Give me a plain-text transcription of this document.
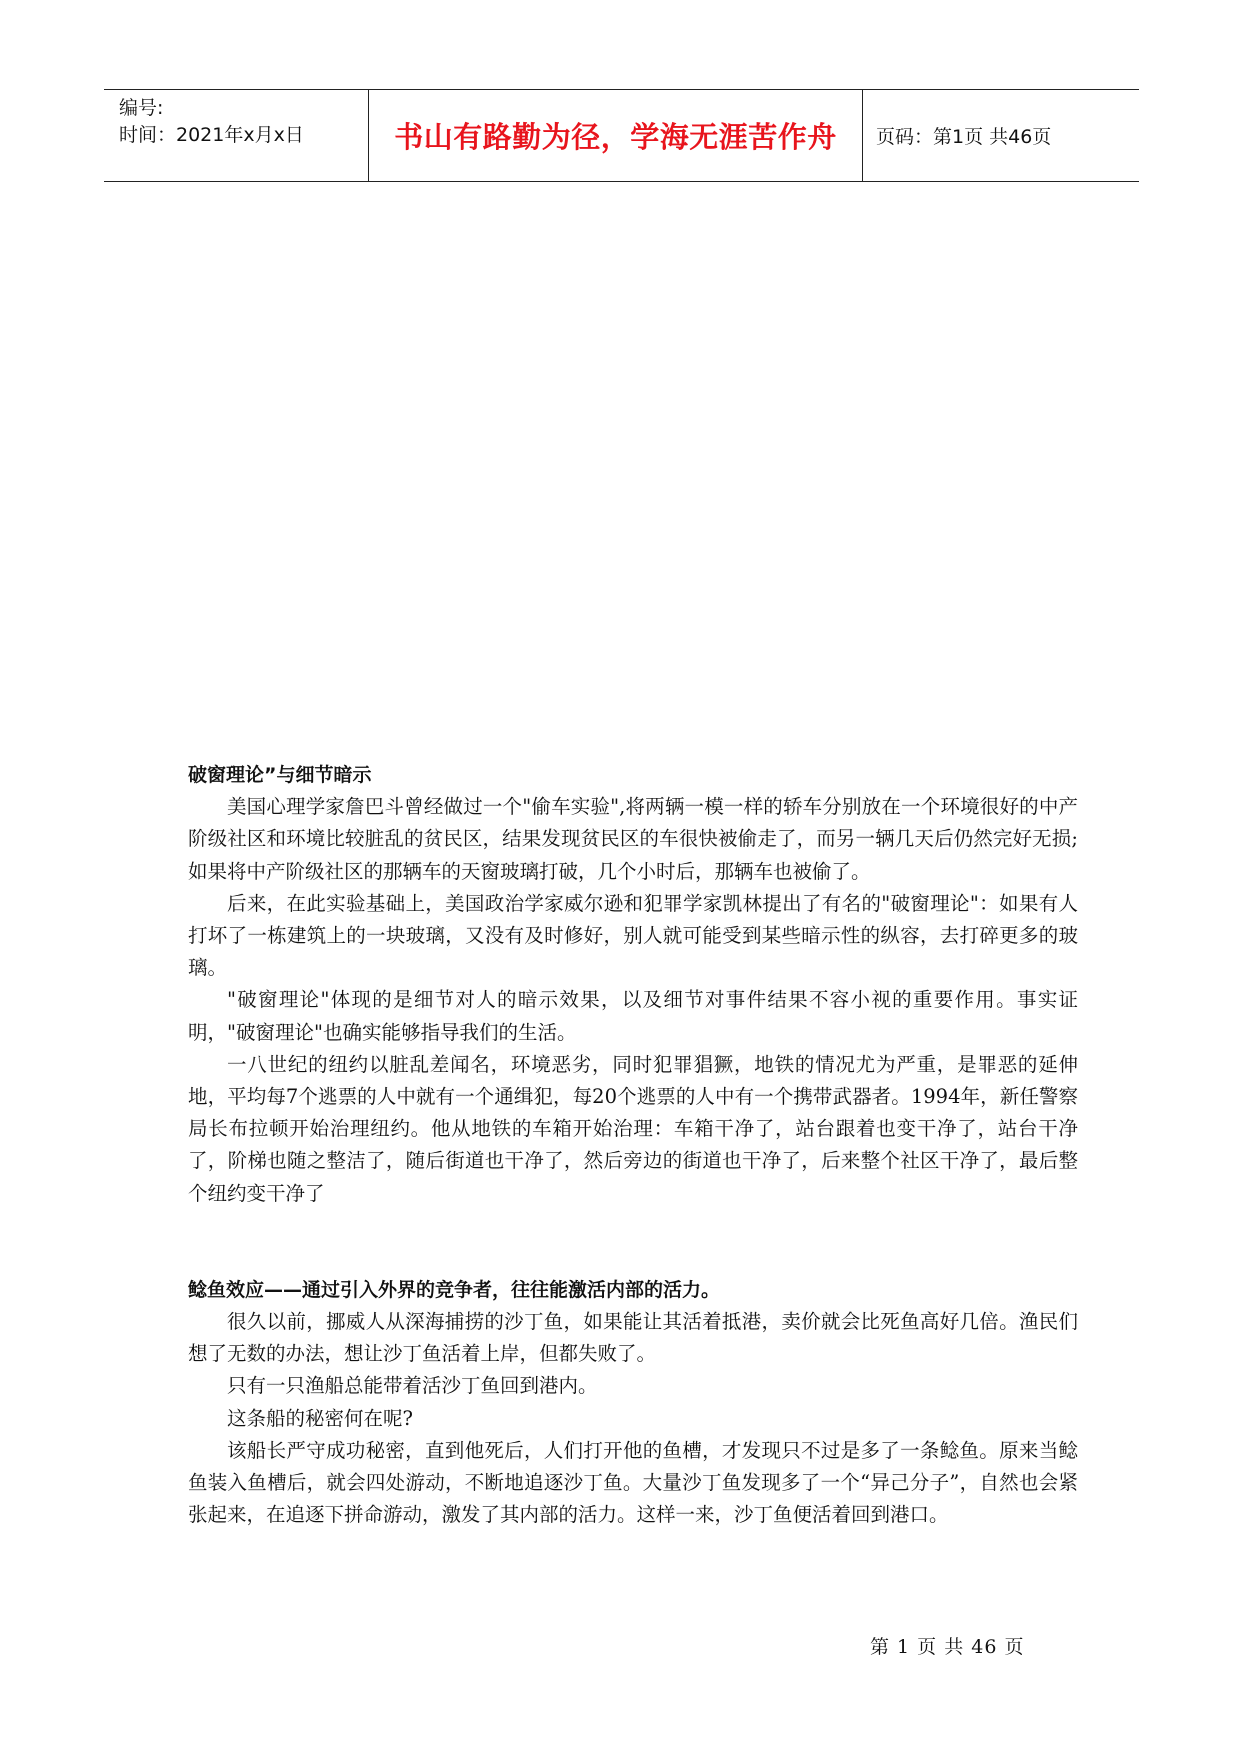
编号:
时间：2021年x月x日	书山有路勤为径，学海无涯苦作舟	页码：第1页 共46页

破窗理论”与细节暗示

美国心理学家詹巴斗曾经做过一个"偷车实验",将两辆一模一样的轿车分别放在一个环境很好的中产阶级社区和环境比较脏乱的贫民区，结果发现贫民区的车很快被偷走了，而另一辆几天后仍然完好无损;如果将中产阶级社区的那辆车的天窗玻璃打破，几个小时后，那辆车也被偷了。

后来，在此实验基础上，美国政治学家威尔逊和犯罪学家凯林提出了有名的"破窗理论"：如果有人打坏了一栋建筑上的一块玻璃，又没有及时修好，别人就可能受到某些暗示性的纵容，去打碎更多的玻璃。

"破窗理论"体现的是细节对人的暗示效果，以及细节对事件结果不容小视的重要作用。事实证明，"破窗理论"也确实能够指导我们的生活。

一八世纪的纽约以脏乱差闻名，环境恶劣，同时犯罪猖獗，地铁的情况尤为严重，是罪恶的延伸地，平均每7个逃票的人中就有一个通缉犯，每20个逃票的人中有一个携带武器者。1994年，新任警察局长布拉顿开始治理纽约。他从地铁的车箱开始治理：车箱干净了，站台跟着也变干净了，站台干净了，阶梯也随之整洁了，随后街道也干净了，然后旁边的街道也干净了，后来整个社区干净了，最后整个纽约变干净了

鲶鱼效应——通过引入外界的竞争者，往往能激活内部的活力。

很久以前，挪威人从深海捕捞的沙丁鱼，如果能让其活着抵港，卖价就会比死鱼高好几倍。渔民们想了无数的办法，想让沙丁鱼活着上岸，但都失败了。

只有一只渔船总能带着活沙丁鱼回到港内。

这条船的秘密何在呢?

该船长严守成功秘密，直到他死后，人们打开他的鱼槽，才发现只不过是多了一条鲶鱼。原来当鲶鱼装入鱼槽后，就会四处游动，不断地追逐沙丁鱼。大量沙丁鱼发现多了一个“异己分子”，自然也会紧张起来，在追逐下拼命游动，激发了其内部的活力。这样一来，沙丁鱼便活着回到港口。

第 1 页 共 46 页
